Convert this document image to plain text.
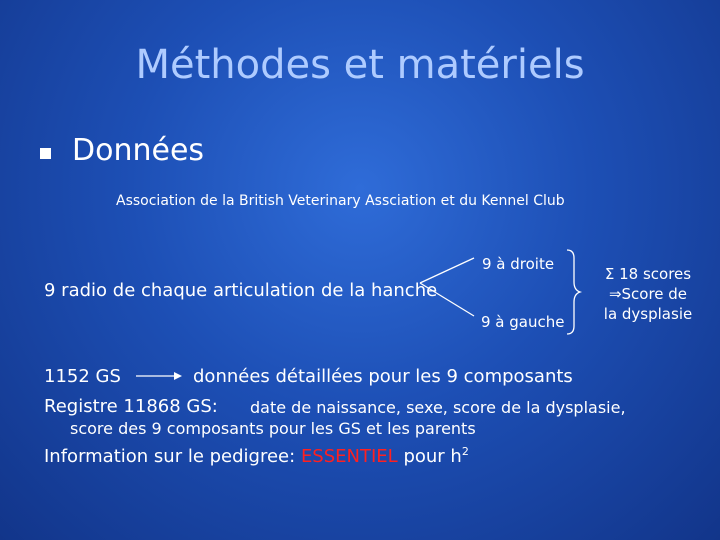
Méthodes et matériels
Données
Association de la British Veterinary Assciation et du Kennel Club
9 radio de chaque articulation de la hanche
9 à droite
9 à gauche
Σ 18 scores
⇒Score de
la dysplasie
1152 GS	données détaillées pour les 9 composants
Registre 11868 GS: date de naissance, sexe, score de la dysplasie,
score des 9 composants pour les GS et les parents
Information sur le pedigree: ESSENTIEL pour $h^2$
